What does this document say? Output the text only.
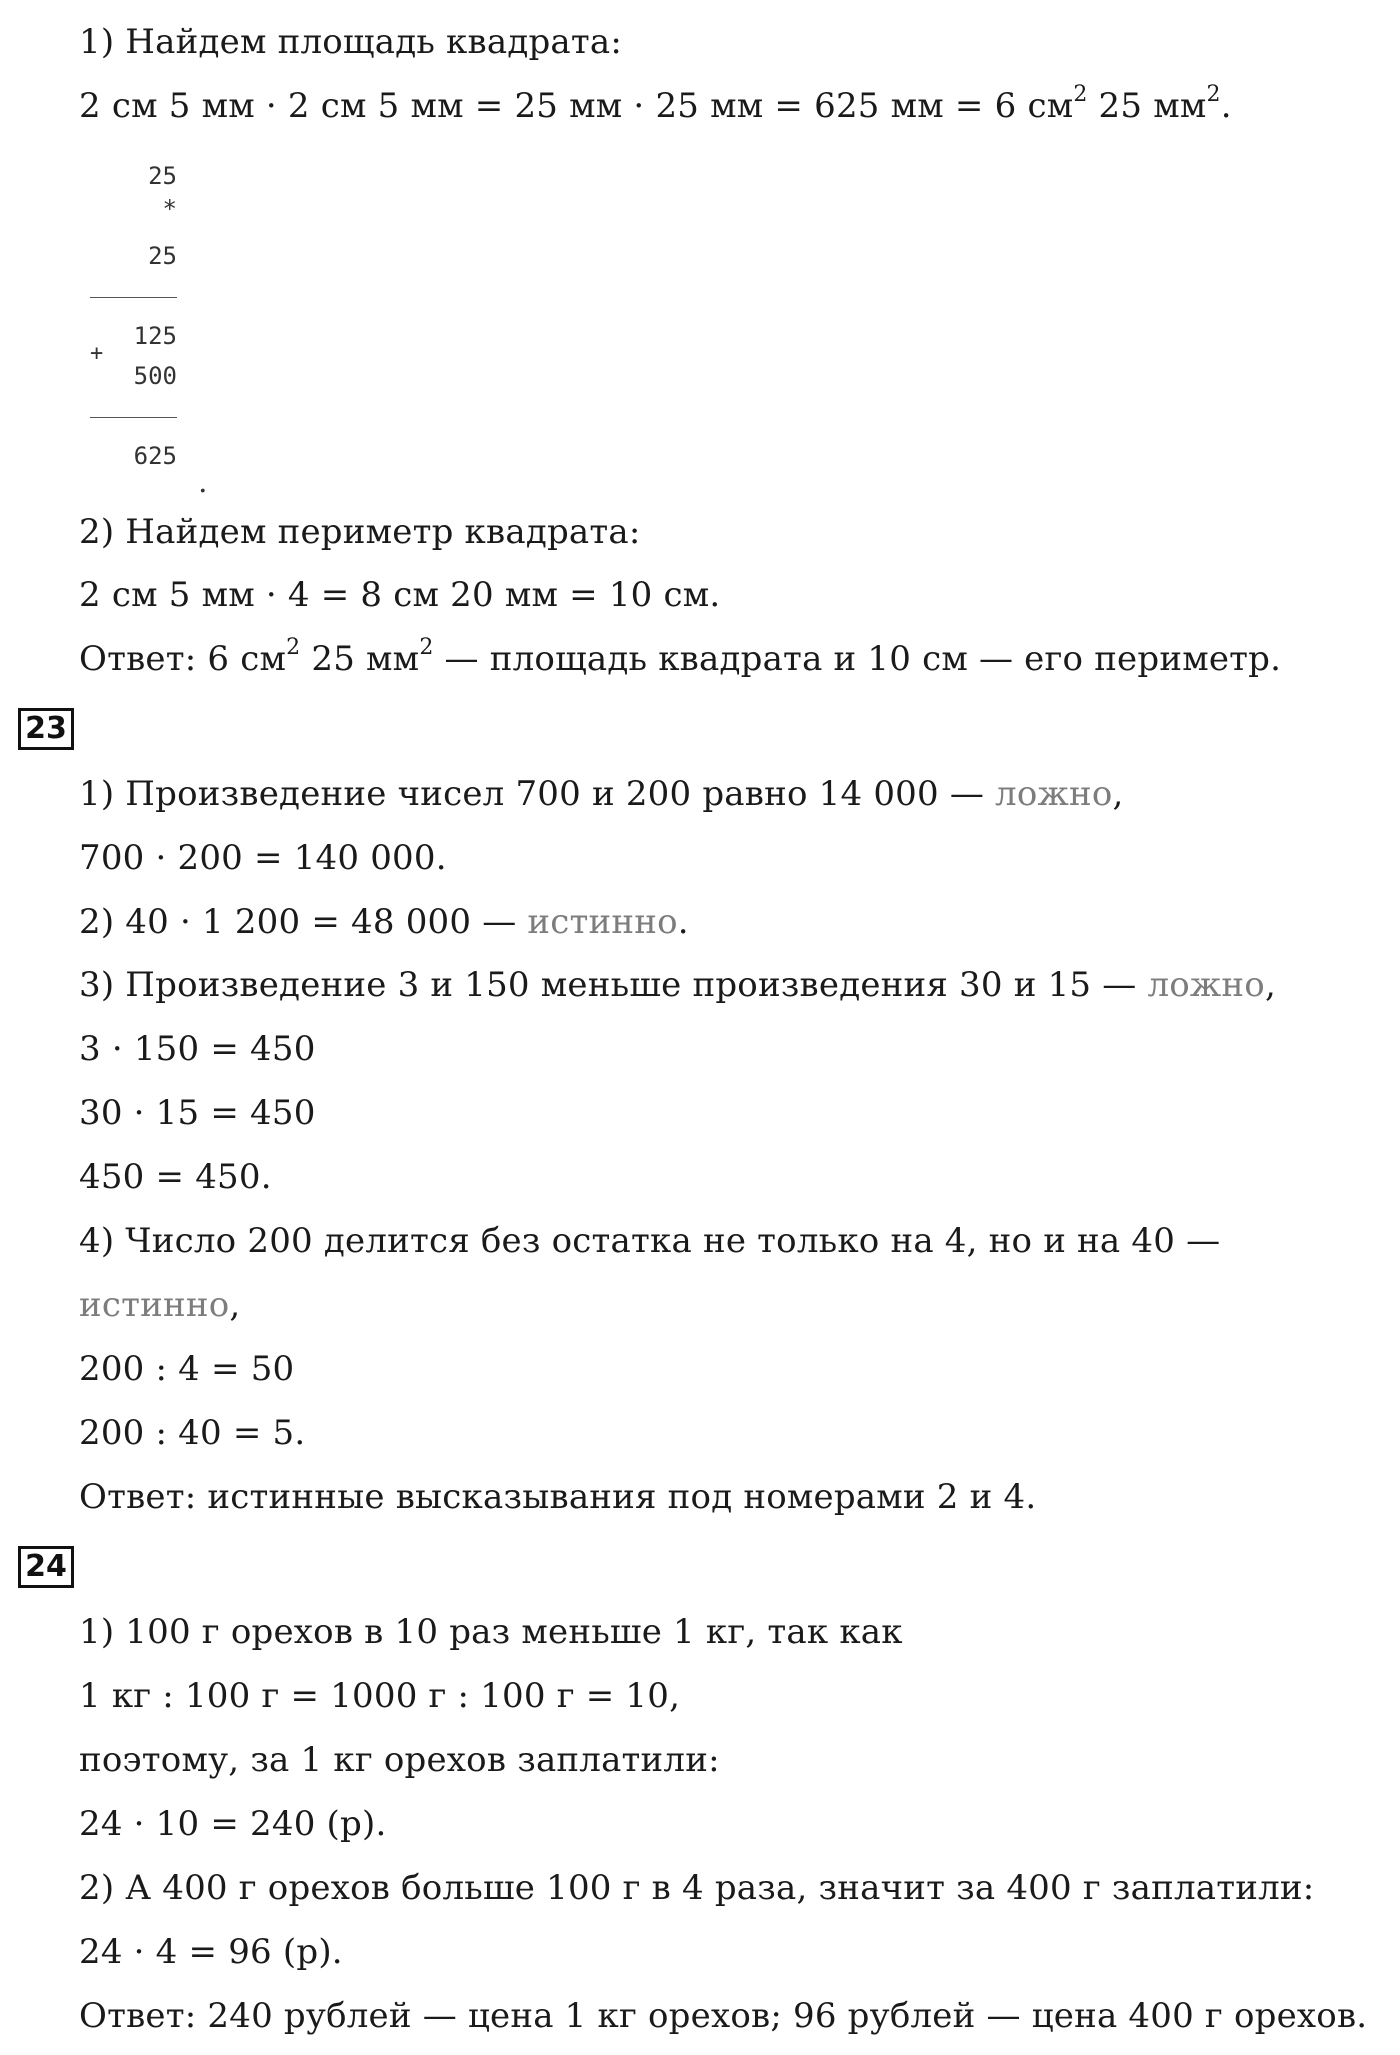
1) Найдем площадь квадрата:
2 см 5 мм · 2 см 5 мм = 25 мм · 25 мм = 625 мм = 6 $см^2$ 25 $мм^2$.
25
*
25
125
+
500
625
.
2) Найдем периметр квадрата:
2 см 5 мм · 4 = 8 см 20 мм = 10 см.
Ответ: 6 $см^2$ 25 $мм^2$ — площадь квадрата и 10 см — его периметр.
23
1) Произведение чисел 700 и 200 равно 14 000 — ложно,
700 · 200 = 140 000.
2) 40 · 1 200 = 48 000 — истинно.
3) Произведение 3 и 150 меньше произведения 30 и 15 — ложно,
3 · 150 = 450
30 · 15 = 450
450 = 450.
4) Число 200 делится без остатка не только на 4, но и на 40 —
истинно,
200 : 4 = 50
200 : 40 = 5.
Ответ: истинные высказывания под номерами 2 и 4.
24
1) 100 г орехов в 10 раз меньше 1 кг, так как
1 кг : 100 г = 1000 г : 100 г = 10,
поэтому, за 1 кг орехов заплатили:
24 · 10 = 240 (р).
2) А 400 г орехов больше 100 г в 4 раза, значит за 400 г заплатили:
24 · 4 = 96 (р).
Ответ: 240 рублей — цена 1 кг орехов; 96 рублей — цена 400 г орехов.
